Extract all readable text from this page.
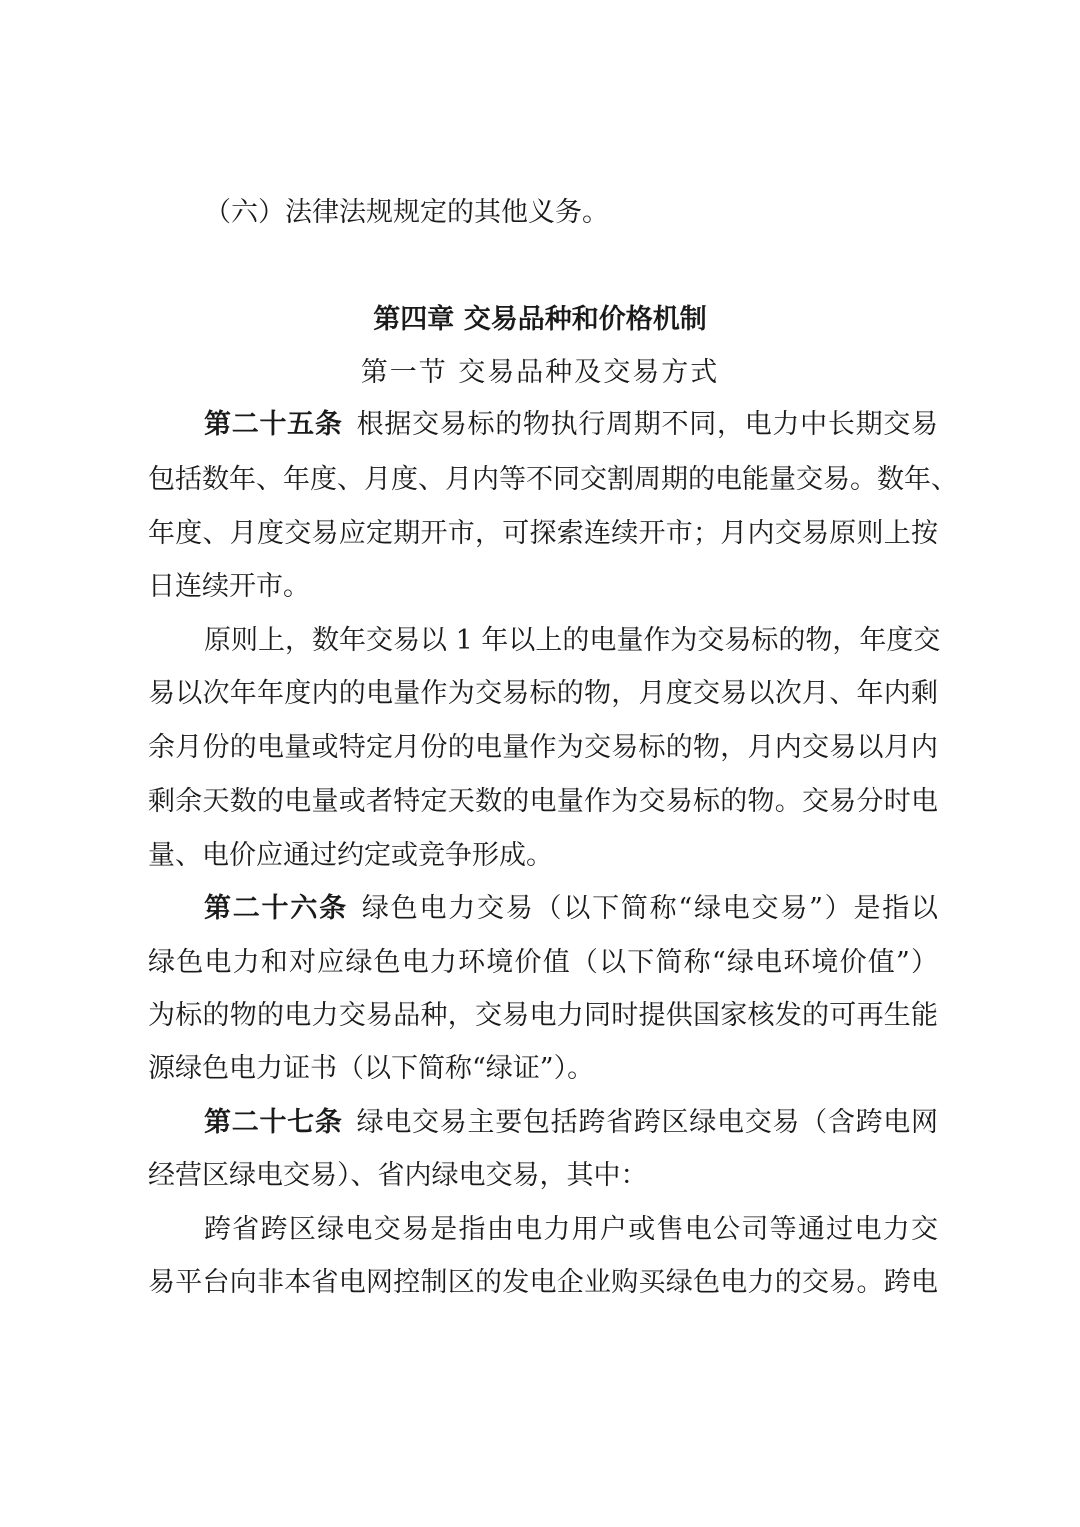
（六）法律法规规定的其他义务。
第四章 交易品种和价格机制
第一节 交易品种及交易方式
第二十五条 根据交易标的物执行周期不同，电力中长期交易
包括数年、年度、月度、月内等不同交割周期的电能量交易。数年、
年度、月度交易应定期开市，可探索连续开市；月内交易原则上按
日连续开市。
原则上，数年交易以 1 年以上的电量作为交易标的物，年度交
易以次年年度内的电量作为交易标的物，月度交易以次月、年内剩
余月份的电量或特定月份的电量作为交易标的物，月内交易以月内
剩余天数的电量或者特定天数的电量作为交易标的物。交易分时电
量、电价应通过约定或竞争形成。
第二十六条 绿色电力交易（以下简称“绿电交易”）是指以
绿色电力和对应绿色电力环境价值（以下简称“绿电环境价值”）
为标的物的电力交易品种，交易电力同时提供国家核发的可再生能
源绿色电力证书（以下简称“绿证”）。
第二十七条 绿电交易主要包括跨省跨区绿电交易（含跨电网
经营区绿电交易）、省内绿电交易，其中：
跨省跨区绿电交易是指由电力用户或售电公司等通过电力交
易平台向非本省电网控制区的发电企业购买绿色电力的交易。跨电
